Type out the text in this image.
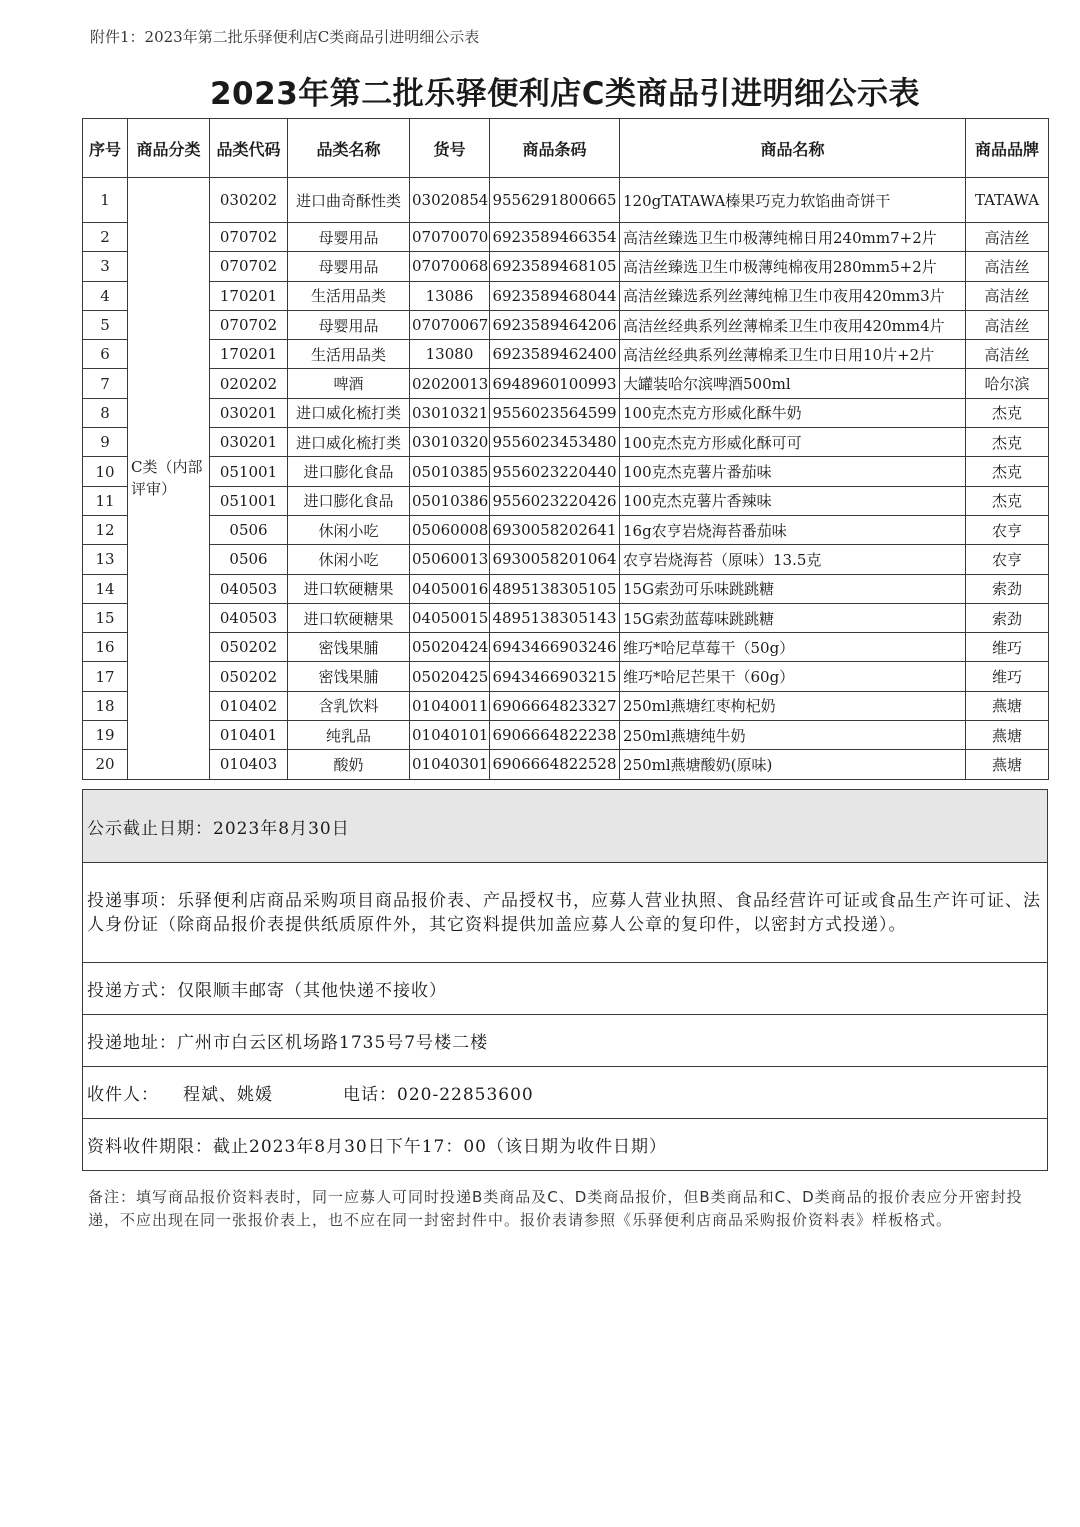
附件1：2023年第二批乐驿便利店C类商品引进明细公示表
2023年第二批乐驿便利店C类商品引进明细公示表
序号	商品分类	品类代码	品类名称	货号	商品条码	商品名称	商品品牌
1	C类（内部评审）	030202	进口曲奇酥性类	03020854	9556291800665	120gTATAWA榛果巧克力软馅曲奇饼干	TATAWA
2		070702	母婴用品	07070070	6923589466354	高洁丝臻选卫生巾极薄纯棉日用240mm7+2片	高洁丝
3		070702	母婴用品	07070068	6923589468105	高洁丝臻选卫生巾极薄纯棉夜用280mm5+2片	高洁丝
4		170201	生活用品类	13086	6923589468044	高洁丝臻选系列丝薄纯棉卫生巾夜用420mm3片	高洁丝
5		070702	母婴用品	07070067	6923589464206	高洁丝经典系列丝薄棉柔卫生巾夜用420mm4片	高洁丝
6		170201	生活用品类	13080	6923589462400	高洁丝经典系列丝薄棉柔卫生巾日用10片+2片	高洁丝
7		020202	啤酒	02020013	6948960100993	大罐装哈尔滨啤酒500ml	哈尔滨
8		030201	进口威化梳打类	03010321	9556023564599	100克杰克方形威化酥牛奶	杰克
9		030201	进口威化梳打类	03010320	9556023453480	100克杰克方形威化酥可可	杰克
10		051001	进口膨化食品	05010385	9556023220440	100克杰克薯片番茄味	杰克
11		051001	进口膨化食品	05010386	9556023220426	100克杰克薯片香辣味	杰克
12		0506	休闲小吃	05060008	6930058202641	16g农亨岩烧海苔番茄味	农亨
13		0506	休闲小吃	05060013	6930058201064	农亨岩烧海苔（原味）13.5克	农亨
14		040503	进口软硬糖果	04050016	4895138305105	15G索劲可乐味跳跳糖	索劲
15		040503	进口软硬糖果	04050015	4895138305143	15G索劲蓝莓味跳跳糖	索劲
16		050202	密饯果脯	05020424	6943466903246	维巧*哈尼草莓干（50g）	维巧
17		050202	密饯果脯	05020425	6943466903215	维巧*哈尼芒果干（60g）	维巧
18		010402	含乳饮料	01040011	6906664823327	250ml燕塘红枣枸杞奶	燕塘
19		010401	纯乳品	01040101	6906664822238	250ml燕塘纯牛奶	燕塘
20		010403	酸奶	01040301	6906664822528	250ml燕塘酸奶(原味)	燕塘
公示截止日期：2023年8月30日
投递事项：乐驿便利店商品采购项目商品报价表、产品授权书，应募人营业执照、食品经营许可证或食品生产许可证、法人身份证（除商品报价表提供纸质原件外，其它资料提供加盖应募人公章的复印件，以密封方式投递）。
投递方式：仅限顺丰邮寄（其他快递不接收）
投递地址：广州市白云区机场路1735号7号楼二楼
收件人： 程斌、姚媛	电话：020-22853600
资料收件期限：截止2023年8月30日下午17：00（该日期为收件日期）
备注：填写商品报价资料表时，同一应募人可同时投递B类商品及C、D类商品报价，但B类商品和C、D类商品的报价表应分开密封投递，不应出现在同一张报价表上，也不应在同一封密封件中。报价表请参照《乐驿便利店商品采购报价资料表》样板格式。
